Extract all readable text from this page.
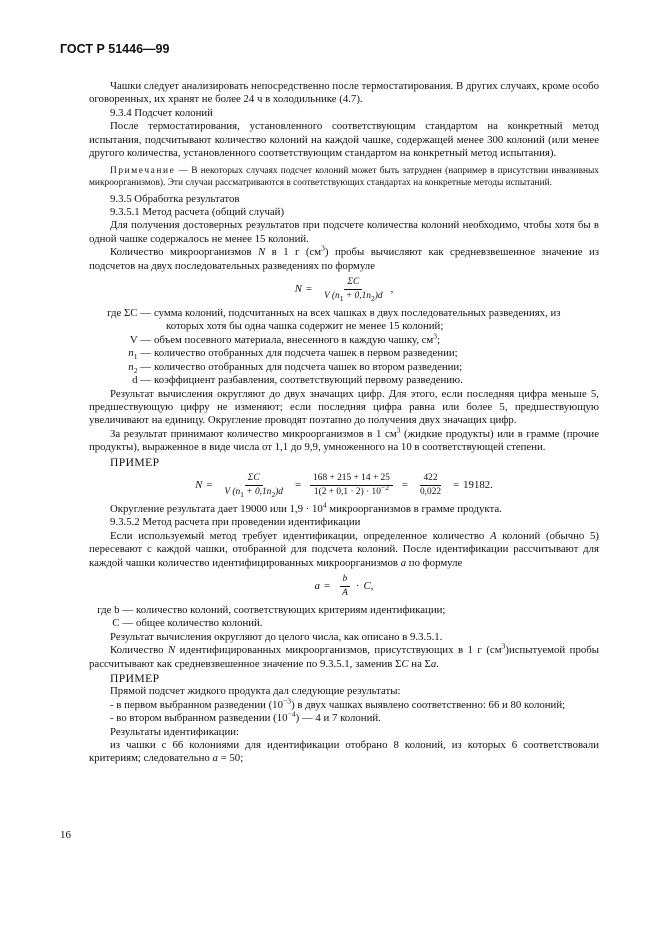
ГОСТ Р 51446—99

Чашки следует анализировать непосредственно после термостатирования. В других случаях, кроме особо оговоренных, их хранят не более 24 ч в холодильнике (4.7).

9.3.4 Подсчет колоний

После термостатирования, установленного соответствующим стандартом на конкретный метод испытания, подсчитывают количество колоний на каждой чашке, содержащей менее 300 колоний (или менее другого количества, установленного соответствующим стандартом на конкретный метод испытания).

Примечание — В некоторых случаях подсчет колоний может быть затруднен (например в присутствии инвазивных микроорганизмов). Эти случаи рассматриваются в соответствующих стандартах на конкретные методы испытаний.

9.3.5 Обработка результатов

9.3.5.1 Метод расчета (общий случай)

Для получения достоверных результатов при подсчете количества колоний необходимо, чтобы хотя бы в одной чашке содержалось не менее 15 колоний.

Количество микроорганизмов N в 1 г $(см^3)$ пробы вычисляют как средневзвешенное значение из подсчетов на двух последовательных разведениях по формуле

$N = \frac{\Sigma C}{V (n_1 + 0,1n_2)d}$ ,
где ΣC —	сумма колоний, подсчитанных на всех чашках в двух последовательных разведениях, из
которых хотя бы одна чашка содержит не менее 15 колоний;

V —	объем посевного материала, внесенного в каждую чашку, $см^3$;
$n_1$ —	количество отобранных для подсчета чашек в первом разведении;
$n_2$ —	количество отобранных для подсчета чашек во втором разведении;
d —	коэффициент разбавления, соответствующий первому разведению.

Результат вычисления округляют до двух значащих цифр. Для этого, если последняя цифра меньше 5, предшествующую цифру не изменяют; если последняя цифра равна или более 5, предшествующую увеличивают на единицу. Округление проводят поэтапно до получения двух значащих цифр.

За результат принимают количество микроорганизмов в 1 $см^3$ (жидкие продукты) или в грамме (прочие продукты), выраженное в виде числа от 1,1 до 9,9, умноженного на 10 в соответствующей степени.

ПРИМЕР

$N = \frac{\Sigma C}{V (n_1 + 0,1n_2)d} = \frac{168 + 215 + 14 + 25}{1(2 + 0,1 \cdot 2) \cdot 10^{-2}} = \frac{422}{0,022} = 19182$.

Округление результата дает 19000 или $1,9 \cdot 10^4$ микроорганизмов в грамме продукта.

9.3.5.2 Метод расчета при проведении идентификации

Если используемый метод требует идентификации, определенное количество A колоний (обычно 5) пересевают с каждой чашки, отобранной для подсчета колоний. После идентификации рассчитывают для каждой чашки количество идентифицированных микроорганизмов a по формуле

$a = \frac{b}{A} \cdot C$,
где b —	количество колоний, соответствующих критериям идентификации;
C —	общее количество колоний.

Результат вычисления округляют до целого числа, как описано в 9.3.5.1.

Количество N идентифицированных микроорганизмов, присутствующих в 1 г $(см^3)испытуемой$ пробы рассчитывают как средневзвешенное значение по 9.3.5.1, заменив ΣC на Σa.

ПРИМЕР

Прямой подсчет жидкого продукта дал следующие результаты:

- в первом выбранном разведении $(10^{-3})$ в двух чашках выявлено соответственно: 66 и 80 колоний;

- во втором выбранном разведении $(10^{-4})$ — 4 и 7 колоний.

Результаты идентификации:

из чашки с 66 колониями для идентификации отобрано 8 колоний, из которых 6 соответствовали критериям; следовательно a = 50;

16
